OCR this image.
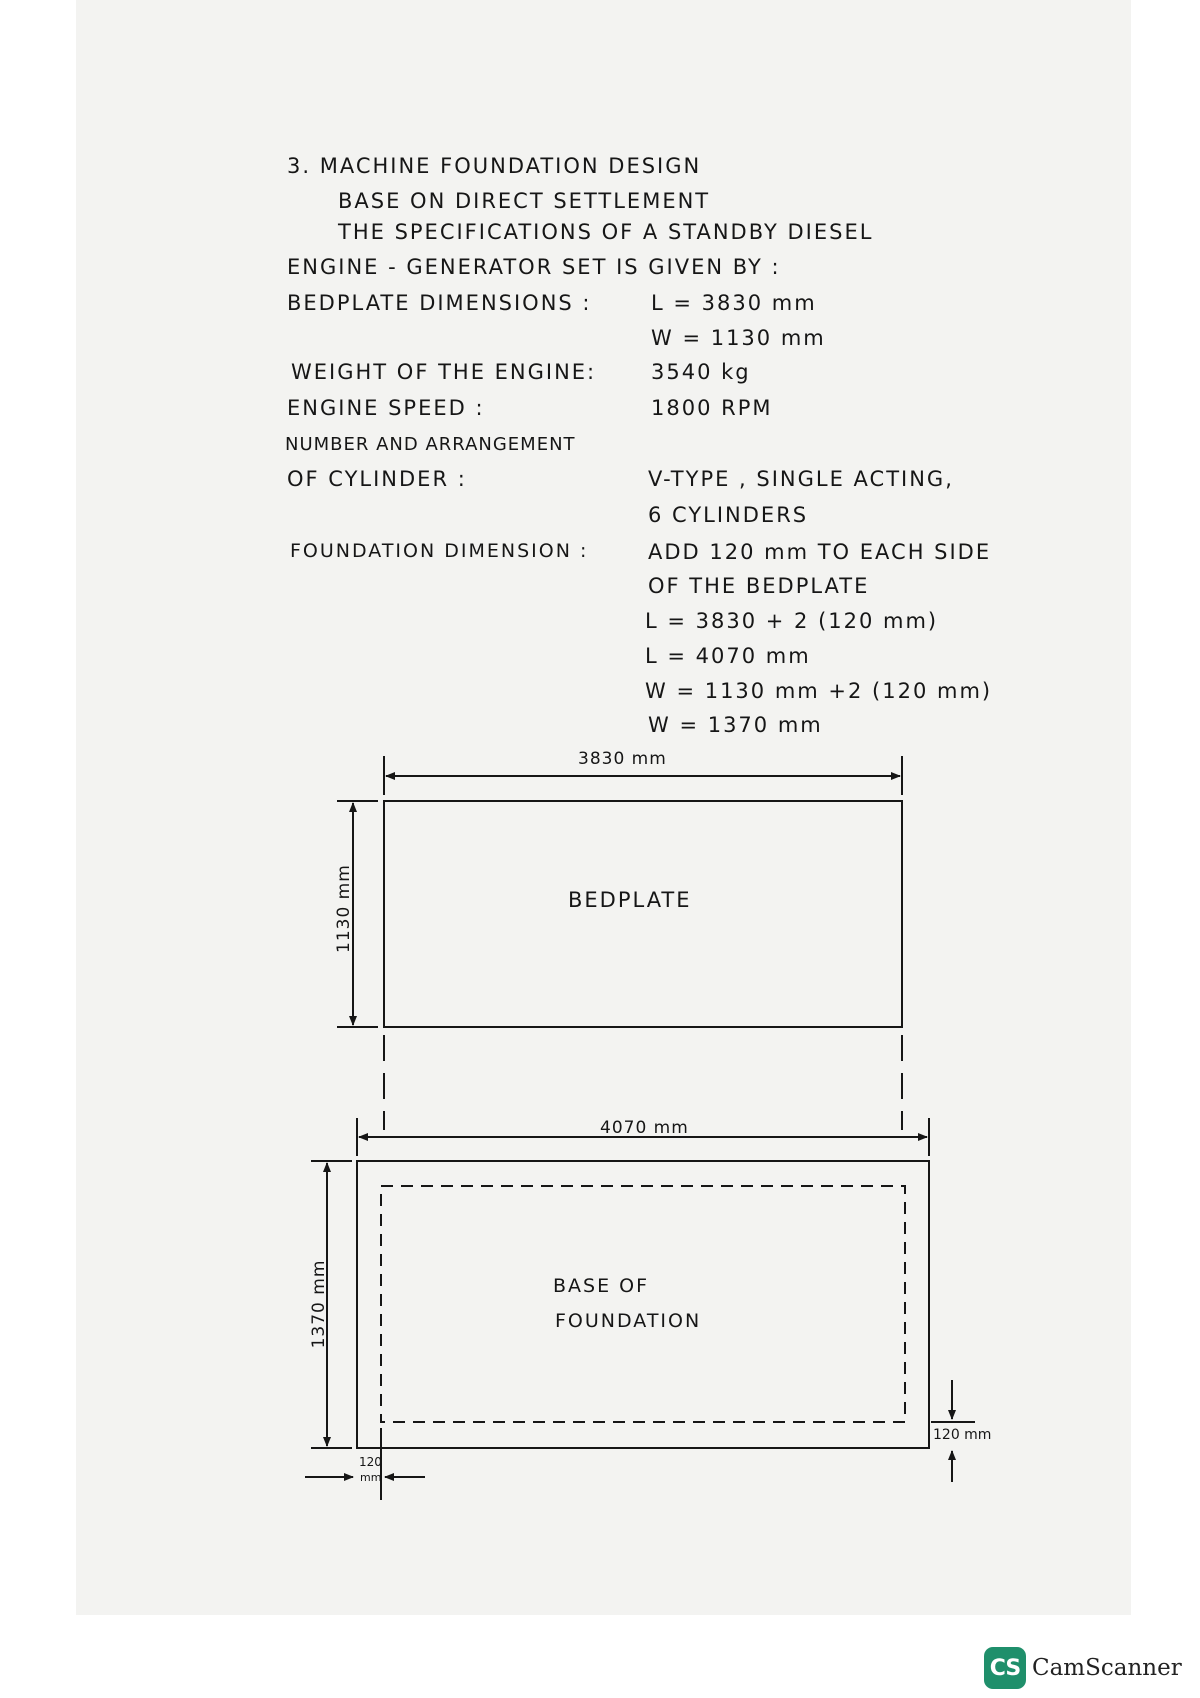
3. MACHINE FOUNDATION DESIGN

BASE ON DIRECT SETTLEMENT

THE SPECIFICATIONS OF A STANDBY DIESEL

ENGINE - GENERATOR SET IS GIVEN BY :

BEDPLATE DIMENSIONS :	L = 3830 mm

W = 1130 mm

WEIGHT OF THE ENGINE:	3540 kg

ENGINE SPEED :	1800 RPM

NUMBER AND ARRANGEMENT

OF CYLINDER :	V-TYPE , SINGLE ACTING,

6 CYLINDERS

FOUNDATION DIMENSION :	ADD 120 mm TO EACH SIDE

OF THE BEDPLATE

L = 3830 + 2 (120 mm)

L = 4070 mm

W = 1130 mm +2 (120 mm)

W = 1370 mm

3830 mm

1130 mm	BEDPLATE

4070 mm

1370 mm	BASE OF

FOUNDATION

120 mm

120

mm

CS CamScanner
